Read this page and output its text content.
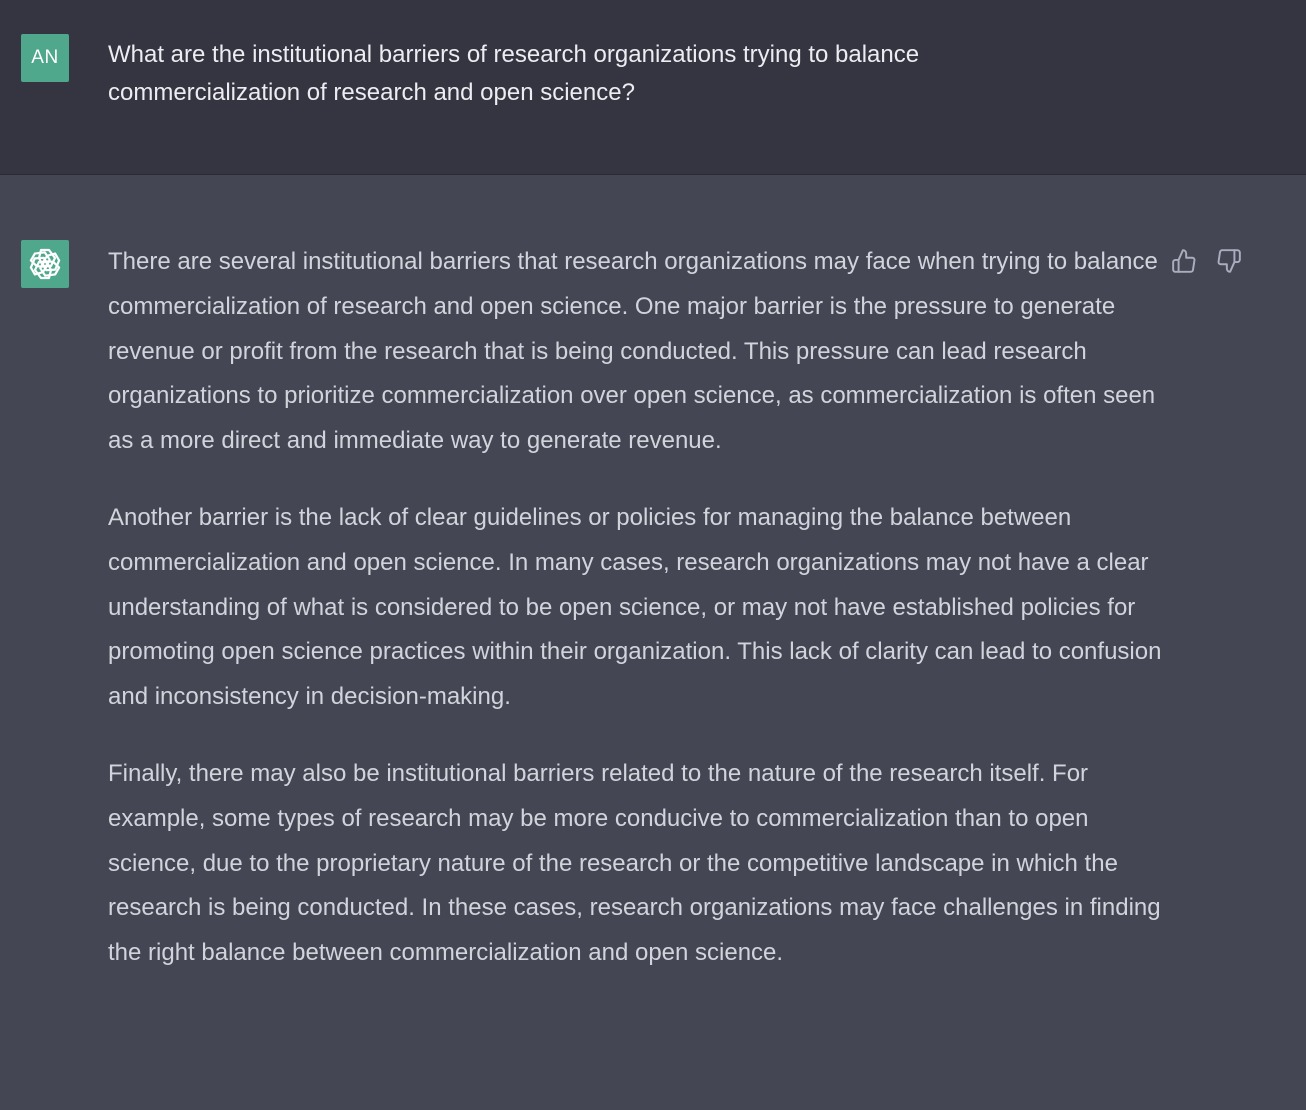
AN	What are the institutional barriers of research organizations trying to balance commercialization of research and open science?

There are several institutional barriers that research organizations may face when trying to balance commercialization of research and open science. One major barrier is the pressure to generate revenue or profit from the research that is being conducted. This pressure can lead research organizations to prioritize commercialization over open science, as commercialization is often seen as a more direct and immediate way to generate revenue.

Another barrier is the lack of clear guidelines or policies for managing the balance between commercialization and open science. In many cases, research organizations may not have a clear understanding of what is considered to be open science, or may not have established policies for promoting open science practices within their organization. This lack of clarity can lead to confusion and inconsistency in decision-making.

Finally, there may also be institutional barriers related to the nature of the research itself. For example, some types of research may be more conducive to commercialization than to open science, due to the proprietary nature of the research or the competitive landscape in which the research is being conducted. In these cases, research organizations may face challenges in finding the right balance between commercialization and open science.
